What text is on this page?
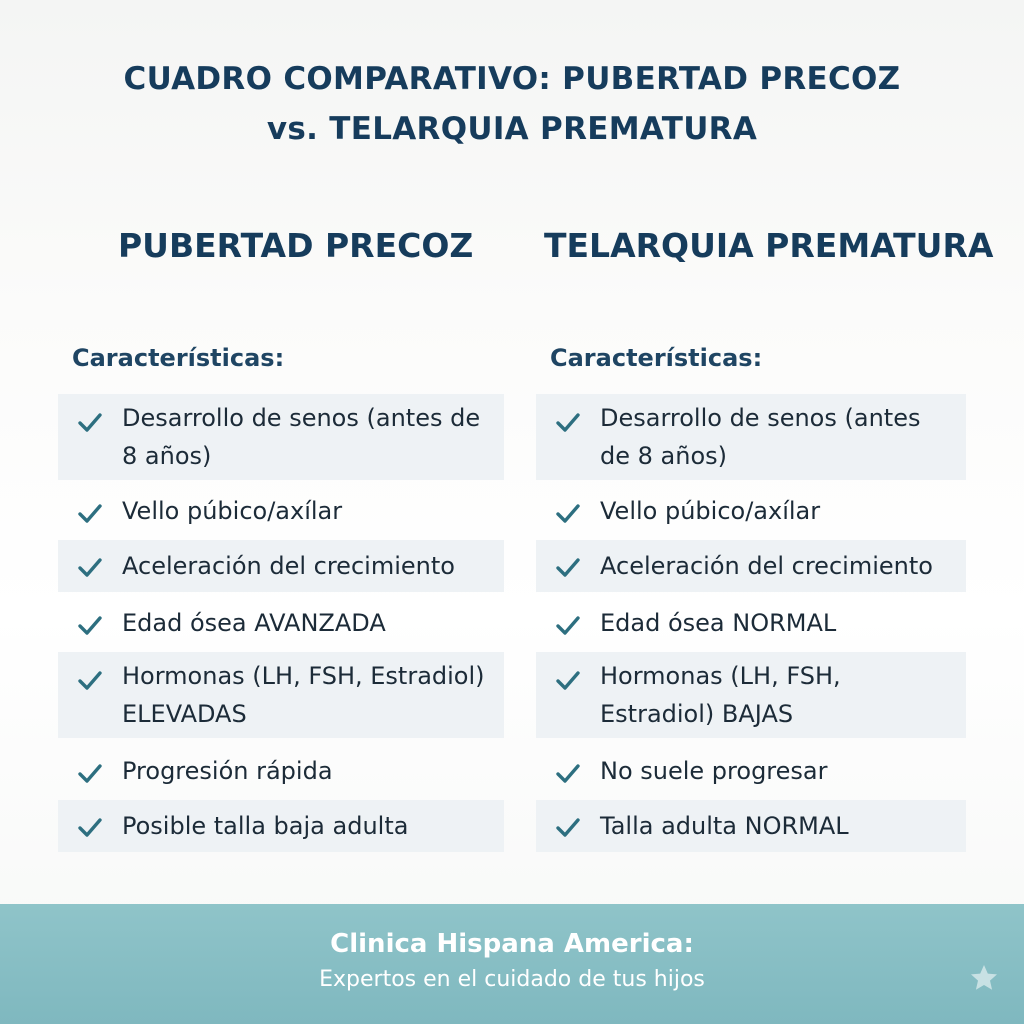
CUADRO COMPARATIVO: PUBERTAD PRECOZ
vs. TELARQUIA PREMATURA
PUBERTAD PRECOZ
Características:
Desarrollo de senos (antes de 8 años)
Vello púbico/axílar
Aceleración del crecimiento
Edad ósea AVANZADA
Hormonas (LH, FSH, Estradiol) ELEVADAS
Progresión rápida
Posible talla baja adulta
TELARQUIA PREMATURA
Características:
Desarrollo de senos (antes de 8 años)
Vello púbico/axílar
Aceleración del crecimiento
Edad ósea NORMAL
Hormonas (LH, FSH, Estradiol) BAJAS
No suele progresar
Talla adulta NORMAL
Clinica Hispana America:
Expertos en el cuidado de tus hijos
